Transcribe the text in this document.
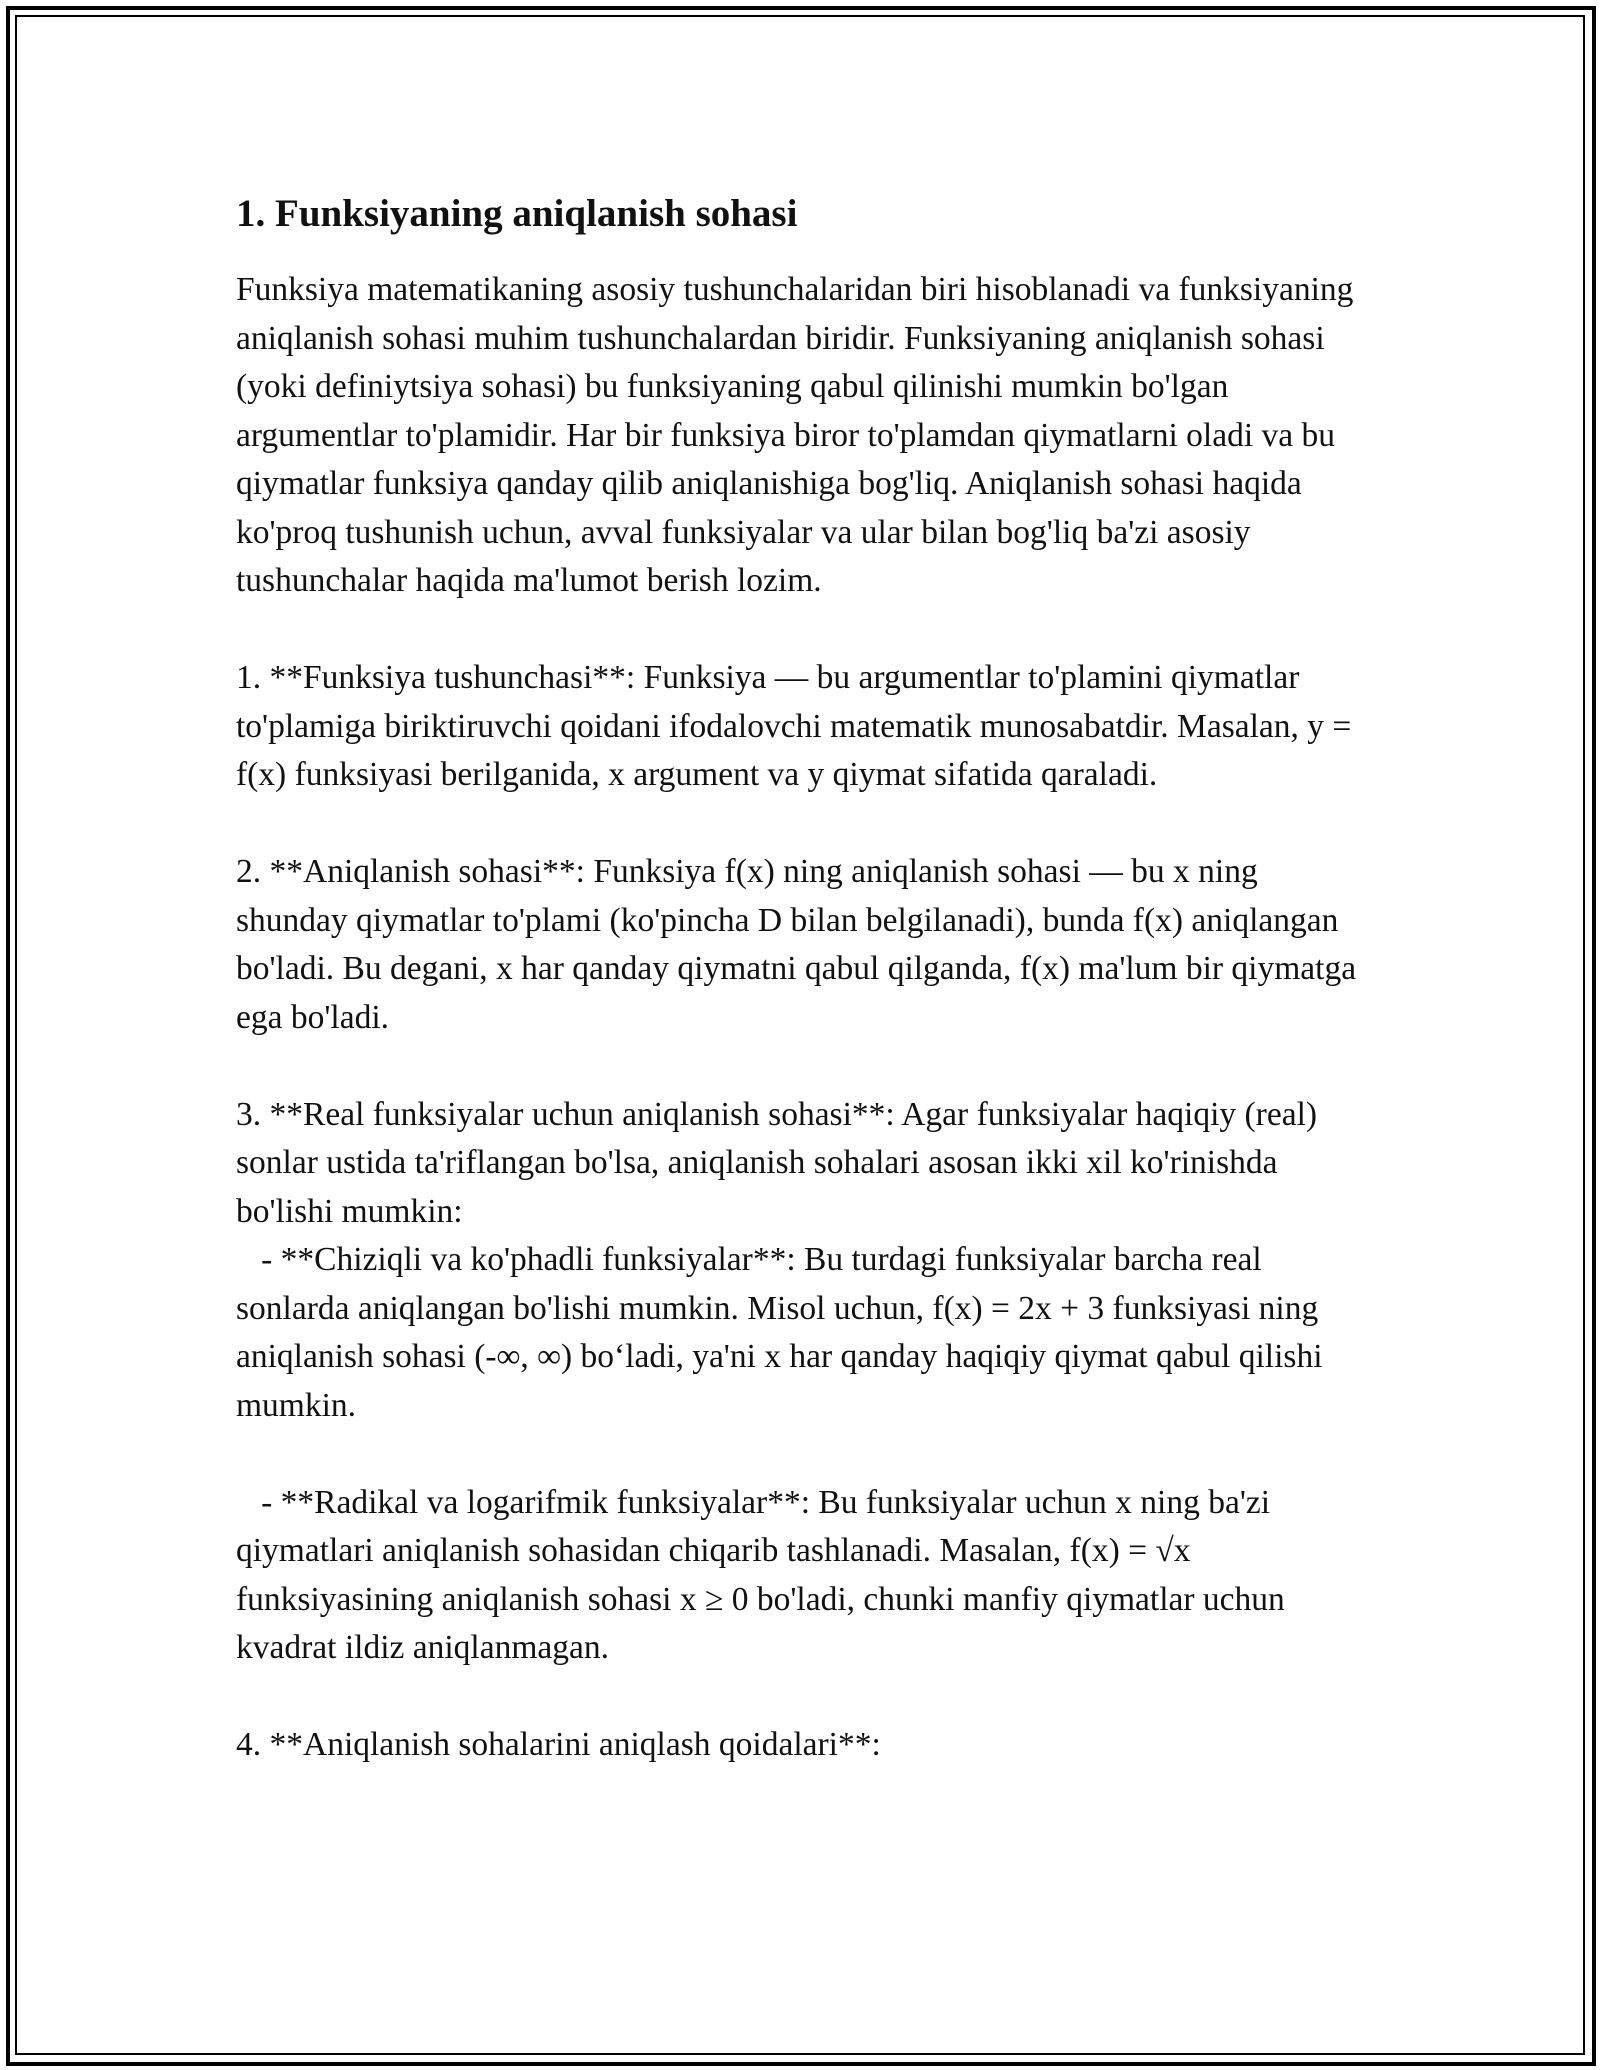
1. Funksiyaning aniqlanish sohasi

Funksiya matematikaning asosiy tushunchalaridan biri hisoblanadi va funksiyaning aniqlanish sohasi muhim tushunchalardan biridir. Funksiyaning aniqlanish sohasi (yoki definiytsiya sohasi) bu funksiyaning qabul qilinishi mumkin bo'lgan argumentlar to'plamidir. Har bir funksiya biror to'plamdan qiymatlarni oladi va bu qiymatlar funksiya qanday qilib aniqlanishiga bog'liq. Aniqlanish sohasi haqida ko'proq tushunish uchun, avval funksiyalar va ular bilan bog'liq ba'zi asosiy tushunchalar haqida ma'lumot berish lozim.

1. **Funksiya tushunchasi**: Funksiya — bu argumentlar to'plamini qiymatlar to'plamiga biriktiruvchi qoidani ifodalovchi matematik munosabatdir. Masalan, y = f(x) funksiyasi berilganida, x argument va y qiymat sifatida qaraladi.

2. **Aniqlanish sohasi**: Funksiya f(x) ning aniqlanish sohasi — bu x ning shunday qiymatlar to'plami (ko'pincha D bilan belgilanadi), bunda f(x) aniqlangan bo'ladi. Bu degani, x har qanday qiymatni qabul qilganda, f(x) ma'lum bir qiymatga ega bo'ladi.

3. **Real funksiyalar uchun aniqlanish sohasi**: Agar funksiyalar haqiqiy (real) sonlar ustida ta'riflangan bo'lsa, aniqlanish sohalari asosan ikki xil ko'rinishda bo'lishi mumkin:

- **Chiziqli va ko'phadli funksiyalar**: Bu turdagi funksiyalar barcha real sonlarda aniqlangan bo'lishi mumkin. Misol uchun, f(x) = 2x + 3 funksiyasi ning aniqlanish sohasi (-∞, ∞) bo‘ladi, ya'ni x har qanday haqiqiy qiymat qabul qilishi mumkin.

- **Radikal va logarifmik funksiyalar**: Bu funksiyalar uchun x ning ba'zi qiymatlari aniqlanish sohasidan chiqarib tashlanadi. Masalan, f(x) = √x funksiyasining aniqlanish sohasi x ≥ 0 bo'ladi, chunki manfiy qiymatlar uchun kvadrat ildiz aniqlanmagan.

4. **Aniqlanish sohalarini aniqlash qoidalari**:
